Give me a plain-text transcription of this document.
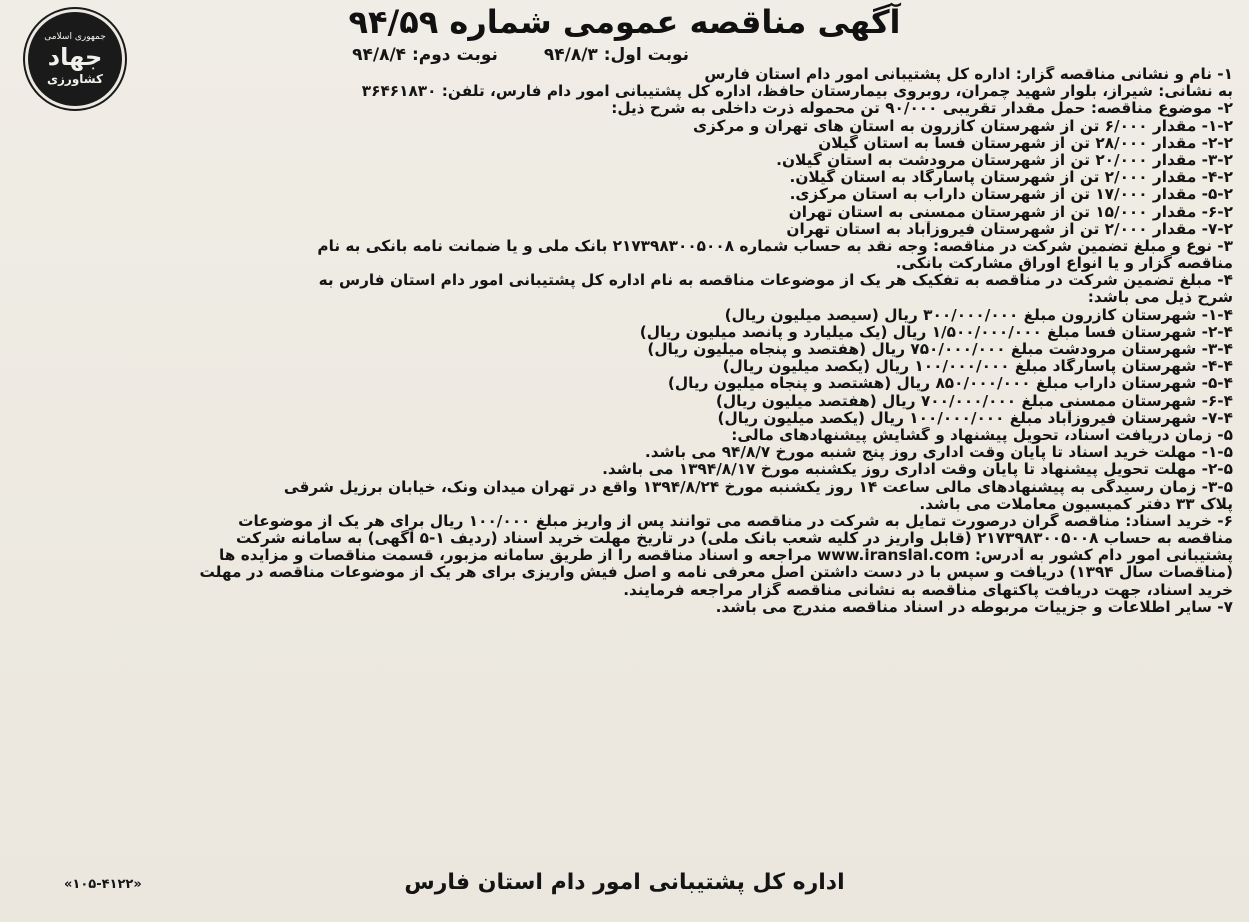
جمهوری اسلامی
جهاد
کشاورزی
آگهی مناقصه عمومی شماره ۹۴/۵۹
نوبت اول: ۹۴/۸/۳
نوبت دوم: ۹۴/۸/۴
۱- نام و نشانی مناقصه گزار: اداره کل پشتیبانی امور دام استان فارس
به نشانی: شیراز، بلوار شهید چمران، روبروی بیمارستان حافظ، اداره کل پشتیبانی امور دام فارس، تلفن: ۳۶۴۶۱۸۳۰
۲- موضوع مناقصه: حمل مقدار تقریبی ۹۰/۰۰۰ تن محموله ذرت داخلی به شرح ذیل:
۱-۲- مقدار ۶/۰۰۰ تن از شهرستان کازرون به استان های تهران و مرکزی
۲-۲- مقدار ۲۸/۰۰۰ تن از شهرستان فسا به استان گیلان
۳-۲- مقدار ۲۰/۰۰۰ تن از شهرستان مرودشت به استان گیلان.
۴-۲- مقدار ۲/۰۰۰ تن از شهرستان پاسارگاد به استان گیلان.
۵-۲- مقدار ۱۷/۰۰۰ تن از شهرستان داراب به استان مرکزی.
۶-۲- مقدار ۱۵/۰۰۰ تن از شهرستان ممسنی به استان تهران
۷-۲- مقدار ۲/۰۰۰ تن از شهرستان فیروزآباد به استان تهران
۳- نوع و مبلغ تضمین شرکت در مناقصه: وجه نقد به حساب شماره ۲۱۷۳۹۸۳۰۰۵۰۰۸ بانک ملی و یا ضمانت نامه بانکی به نام
مناقصه گزار و یا انواع اوراق مشارکت بانکی.
۴- مبلغ تضمین شرکت در مناقصه به تفکیک هر یک از موضوعات مناقصه به نام اداره کل پشتیبانی امور دام استان فارس به
شرح ذیل می باشد:
۱-۴- شهرستان کازرون مبلغ ۳۰۰/۰۰۰/۰۰۰ ریال (سیصد میلیون ریال)
۲-۴- شهرستان فسا مبلغ ۱/۵۰۰/۰۰۰/۰۰۰ ریال (یک میلیارد و پانصد میلیون ریال)
۳-۴- شهرستان مرودشت مبلغ ۷۵۰/۰۰۰/۰۰۰ ریال (هفتصد و پنجاه میلیون ریال)
۴-۴- شهرستان پاسارگاد مبلغ ۱۰۰/۰۰۰/۰۰۰ ریال (یکصد میلیون ریال)
۵-۴- شهرستان داراب مبلغ ۸۵۰/۰۰۰/۰۰۰ ریال (هشتصد و پنجاه میلیون ریال)
۶-۴- شهرستان ممسنی مبلغ ۷۰۰/۰۰۰/۰۰۰ ریال (هفتصد میلیون ریال)
۷-۴- شهرستان فیروزآباد مبلغ ۱۰۰/۰۰۰/۰۰۰ ریال (یکصد میلیون ریال)
۵- زمان دریافت اسناد، تحویل پیشنهاد و گشایش پیشنهادهای مالی:
۱-۵- مهلت خرید اسناد تا پایان وقت اداری روز پنج شنبه مورخ ۹۴/۸/۷ می باشد.
۲-۵- مهلت تحویل پیشنهاد تا پایان وقت اداری روز یکشنبه مورخ ۱۳۹۴/۸/۱۷ می باشد.
۳-۵- زمان رسیدگی به پیشنهادهای مالی ساعت ۱۴ روز یکشنبه مورخ ۱۳۹۴/۸/۲۴ واقع در تهران میدان ونک، خیابان برزیل شرقی
پلاک ۳۳ دفتر کمیسیون معاملات می باشد.
۶- خرید اسناد: مناقصه گران درصورت تمایل به شرکت در مناقصه می توانند پس از واریز مبلغ ۱۰۰/۰۰۰ ریال برای هر یک از موضوعات
مناقصه به حساب ۲۱۷۳۹۸۳۰۰۵۰۰۸ (قابل واریز در کلیه شعب بانک ملی) در تاریخ مهلت خرید اسناد (ردیف ۱-۵ آگهی) به سامانه شرکت
پشتیبانی امور دام کشور به آدرس: www.iranslal.com مراجعه و اسناد مناقصه را از طریق سامانه مزبور، قسمت مناقصات و مزایده ها
(مناقصات سال ۱۳۹۴) دریافت و سپس با در دست داشتن اصل معرفی نامه و اصل فیش واریزی برای هر یک از موضوعات مناقصه در مهلت
خرید اسناد، جهت دریافت پاکتهای مناقصه به نشانی مناقصه گزار مراجعه فرمایند.
۷- سایر اطلاعات و جزییات مربوطه در اسناد مناقصه مندرج می باشد.
«۱۰۵-۴۱۲۲»	اداره کل پشتیبانی امور دام استان فارس
